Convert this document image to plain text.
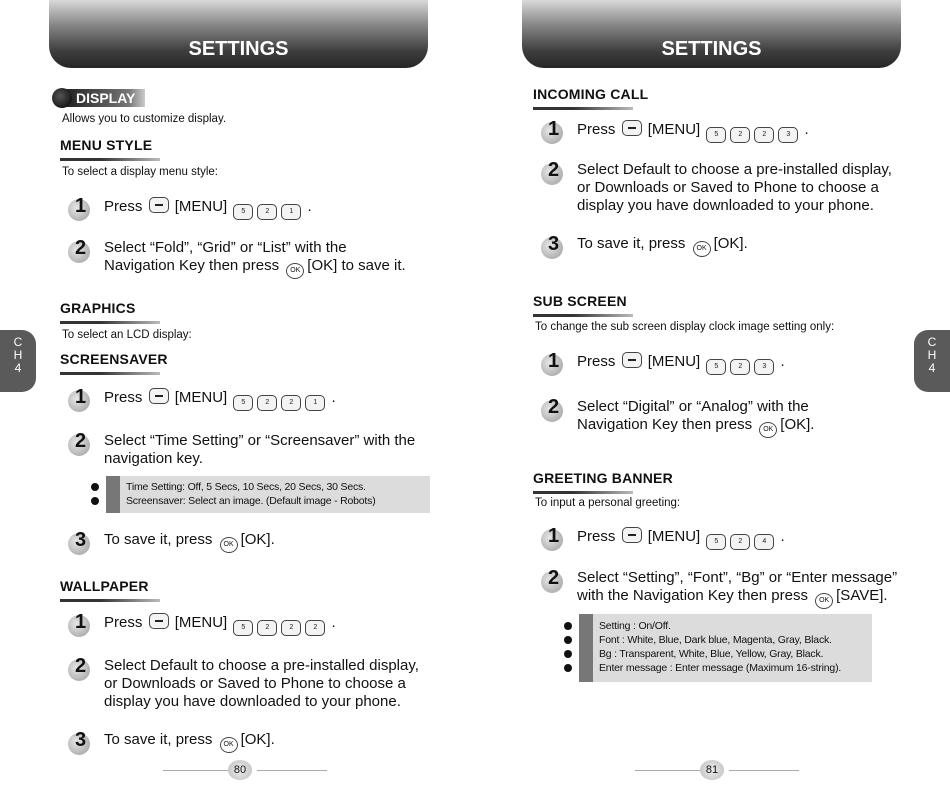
SETTINGS
DISPLAY
Allows you to customize display.
MENU STYLE
To select a display menu style:
1	Press [MENU] 5	2	1 .
2	Select “Fold”, “Grid” or “List” with the
Navigation Key then press OK [OK] to save it.
GRAPHICS
To select an LCD display:
SCREENSAVER
1	Press [MENU] 5	2	2	1 .
2	Select “Time Setting” or “Screensaver” with the
navigation key.
Time Setting: Off, 5 Secs, 10 Secs, 20 Secs, 30 Secs.
Screensaver: Select an image. (Default image - Robots)
3	To save it, press OK [OK].
WALLPAPER
1	Press [MENU] 5	2	2	2 .
2	Select Default to choose a pre-installed display,
or Downloads or Saved to Phone to choose a
display you have downloaded to your phone.
3	To save it, press OK [OK].
80
C
H
4
SETTINGS
INCOMING CALL
1	Press [MENU] 5	2	2	3 .
2	Select Default to choose a pre-installed display,
or Downloads or Saved to Phone to choose a
display you have downloaded to your phone.
3	To save it, press OK [OK].
SUB SCREEN
To change the sub screen display clock image setting only:
1	Press [MENU] 5	2	3 .
2	Select “Digital” or “Analog” with the
Navigation Key then press OK [OK].
GREETING BANNER
To input a personal greeting:
1	Press [MENU] 5	2	4 .
2	Select “Setting”, “Font”, “Bg” or “Enter message”
with the Navigation Key then press OK [SAVE].
Setting : On/Off.
Font : White, Blue, Dark blue, Magenta, Gray, Black.
Bg : Transparent, White, Blue, Yellow, Gray, Black.
Enter message : Enter message (Maximum 16-string).
81
C
H
4
